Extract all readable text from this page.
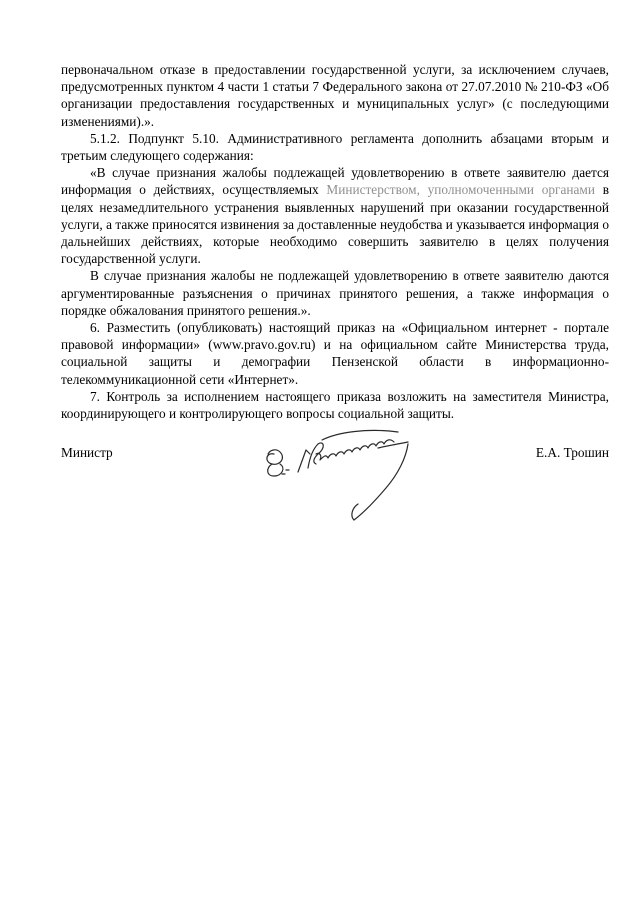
первоначальном отказе в предоставлении государственной услуги, за исключением случаев, предусмотренных пунктом 4 части 1 статьи 7 Федерального закона от 27.07.2010 № 210-ФЗ «Об организации предоставления государственных и муниципальных услуг» (с последующими изменениями).».

5.1.2. Подпункт 5.10. Административного регламента дополнить абзацами вторым и третьим следующего содержания:

«В случае признания жалобы подлежащей удовлетворению в ответе заявителю дается информация о действиях, осуществляемых Министерством, уполномоченными органами в целях незамедлительного устранения выявленных нарушений при оказании государственной услуги, а также приносятся извинения за доставленные неудобства и указывается информация о дальнейших действиях, которые необходимо совершить заявителю в целях получения государственной услуги.

В случае признания жалобы не подлежащей удовлетворению в ответе заявителю даются аргументированные разъяснения о причинах принятого решения, а также информация о порядке обжалования принятого решения.».

6. Разместить (опубликовать) настоящий приказ на «Официальном интернет - портале правовой информации» (www.pravo.gov.ru) и на официальном сайте Министерства труда, социальной защиты и демографии Пензенской области в информационно-телекоммуникационной сети «Интернет».

7. Контроль за исполнением настоящего приказа возложить на заместителя Министра, координирующего и контролирующего вопросы социальной защиты.

Министр	Е.А. Трошин
